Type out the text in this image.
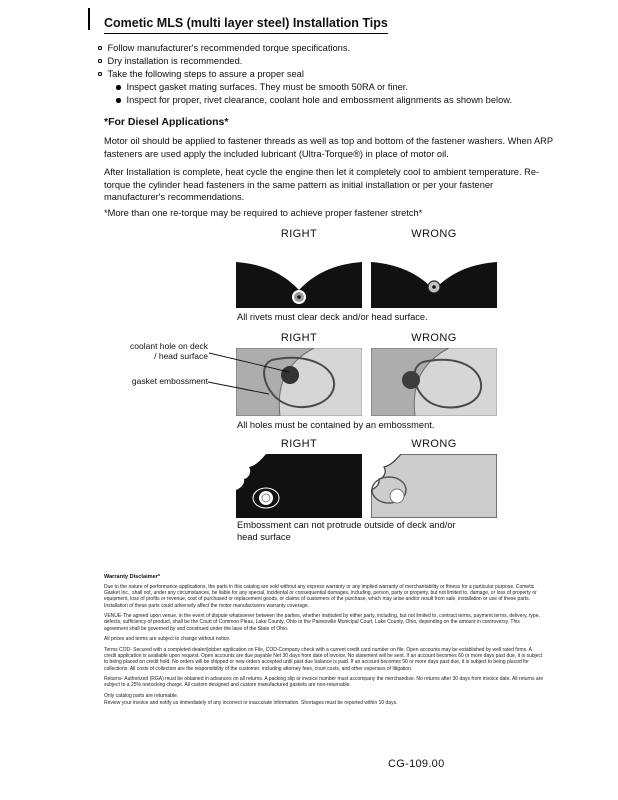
Cometic MLS (multi layer steel) Installation Tips
Follow manufacturer's recommended torque specifications.
Dry installation is recommended.
Take the following steps to assure a proper seal
Inspect gasket mating surfaces. They must be smooth 50RA or finer.
Inspect for proper, rivet clearance, coolant hole and embossment alignments as shown below.
*For Diesel Applications*

Motor oil should be applied to fastener threads as well as top and bottom of the fastener washers. When ARP fasteners are used apply the included lubricant (Ultra-Torque®) in place of motor oil.

After Installation is complete, heat cycle the engine then let it completely cool to ambient temperature. Re-torque the cylinder head fasteners in the same pattern as initial installation or per your fastener manufacturer's recommendations.

*More than one re-torque may be required to achieve proper fastener stretch*

RIGHT	WRONG
All rivets must clear deck and/or head surface.
RIGHT	WRONG
All holes must be contained by an embossment.
coolant hole on deck / head surface
gasket embossment
RIGHT	WRONG
Embossment can not protrude outside of deck and/or head surface
Warranty Disclaimer*

Due to the nature of performance applications, the parts in this catalog are sold without any express warranty or any implied warranty of merchantability or fitness for a particular purpose. Cometic Gasket Inc., shall not, under any circumstances, be liable for any special, incidental or consequential damages, including, person, party or property, but not limited to, damage, or loss of property or equipment, loss of profits or revenue, cost of purchased or replacement goods, or claims of customers of the purchase, which may arise and/or result from sale, installation or use of these parts. Installation of these parts could adversely affect the motor manufacturers warranty coverage.

VENUE-The agreed upon venue, in the event of dispute whatsoever between the parties, whether instituted by either party, including, but not limited to, contract terms, payment terms, delivery, type, defects, sufficiency of product, shall be the Court of Common Pleas, Lake County, Ohio or the Painesville Municipal Court, Lake County, Ohio, depending on the amount in controversy. This agreement shall be governed by and construed under the laws of the State of Ohio.

All prices and terms are subject to change without notice.

Terms COD- Secured with a completed dealer/jobber application on File, COD-Company check with a current credit card number on file. Open accounts may be established by well rated firms. A credit application is available upon request. Open accounts are due payable Net 30 days from date of invoice. No statement will be sent. If an account becomes 60 or more days past due, it is subject to being placed on credit hold. No orders will be shipped or new orders accepted until past due balance is paid. If an account becomes 90 or more days past due, it is subject to being placed for collections. All costs of collection are the responsibility of the customer, including attorney fees, court costs, and other expenses of litigation.

Returns- Authorized (RGA) must be obtained in advances on all returns. A packing slip or invoice number must accompany the merchandise. No returns after 30 days from invoice date. All returns are subject to a 25% restocking charge. All custom designed and custom manufactured gaskets are non-returnable.

Only catalog parts are returnable.

Review your invoice and notify us immediately of any incorrect or inaccurate information. Shortages must be reported within 10 days.

CG-109.00
